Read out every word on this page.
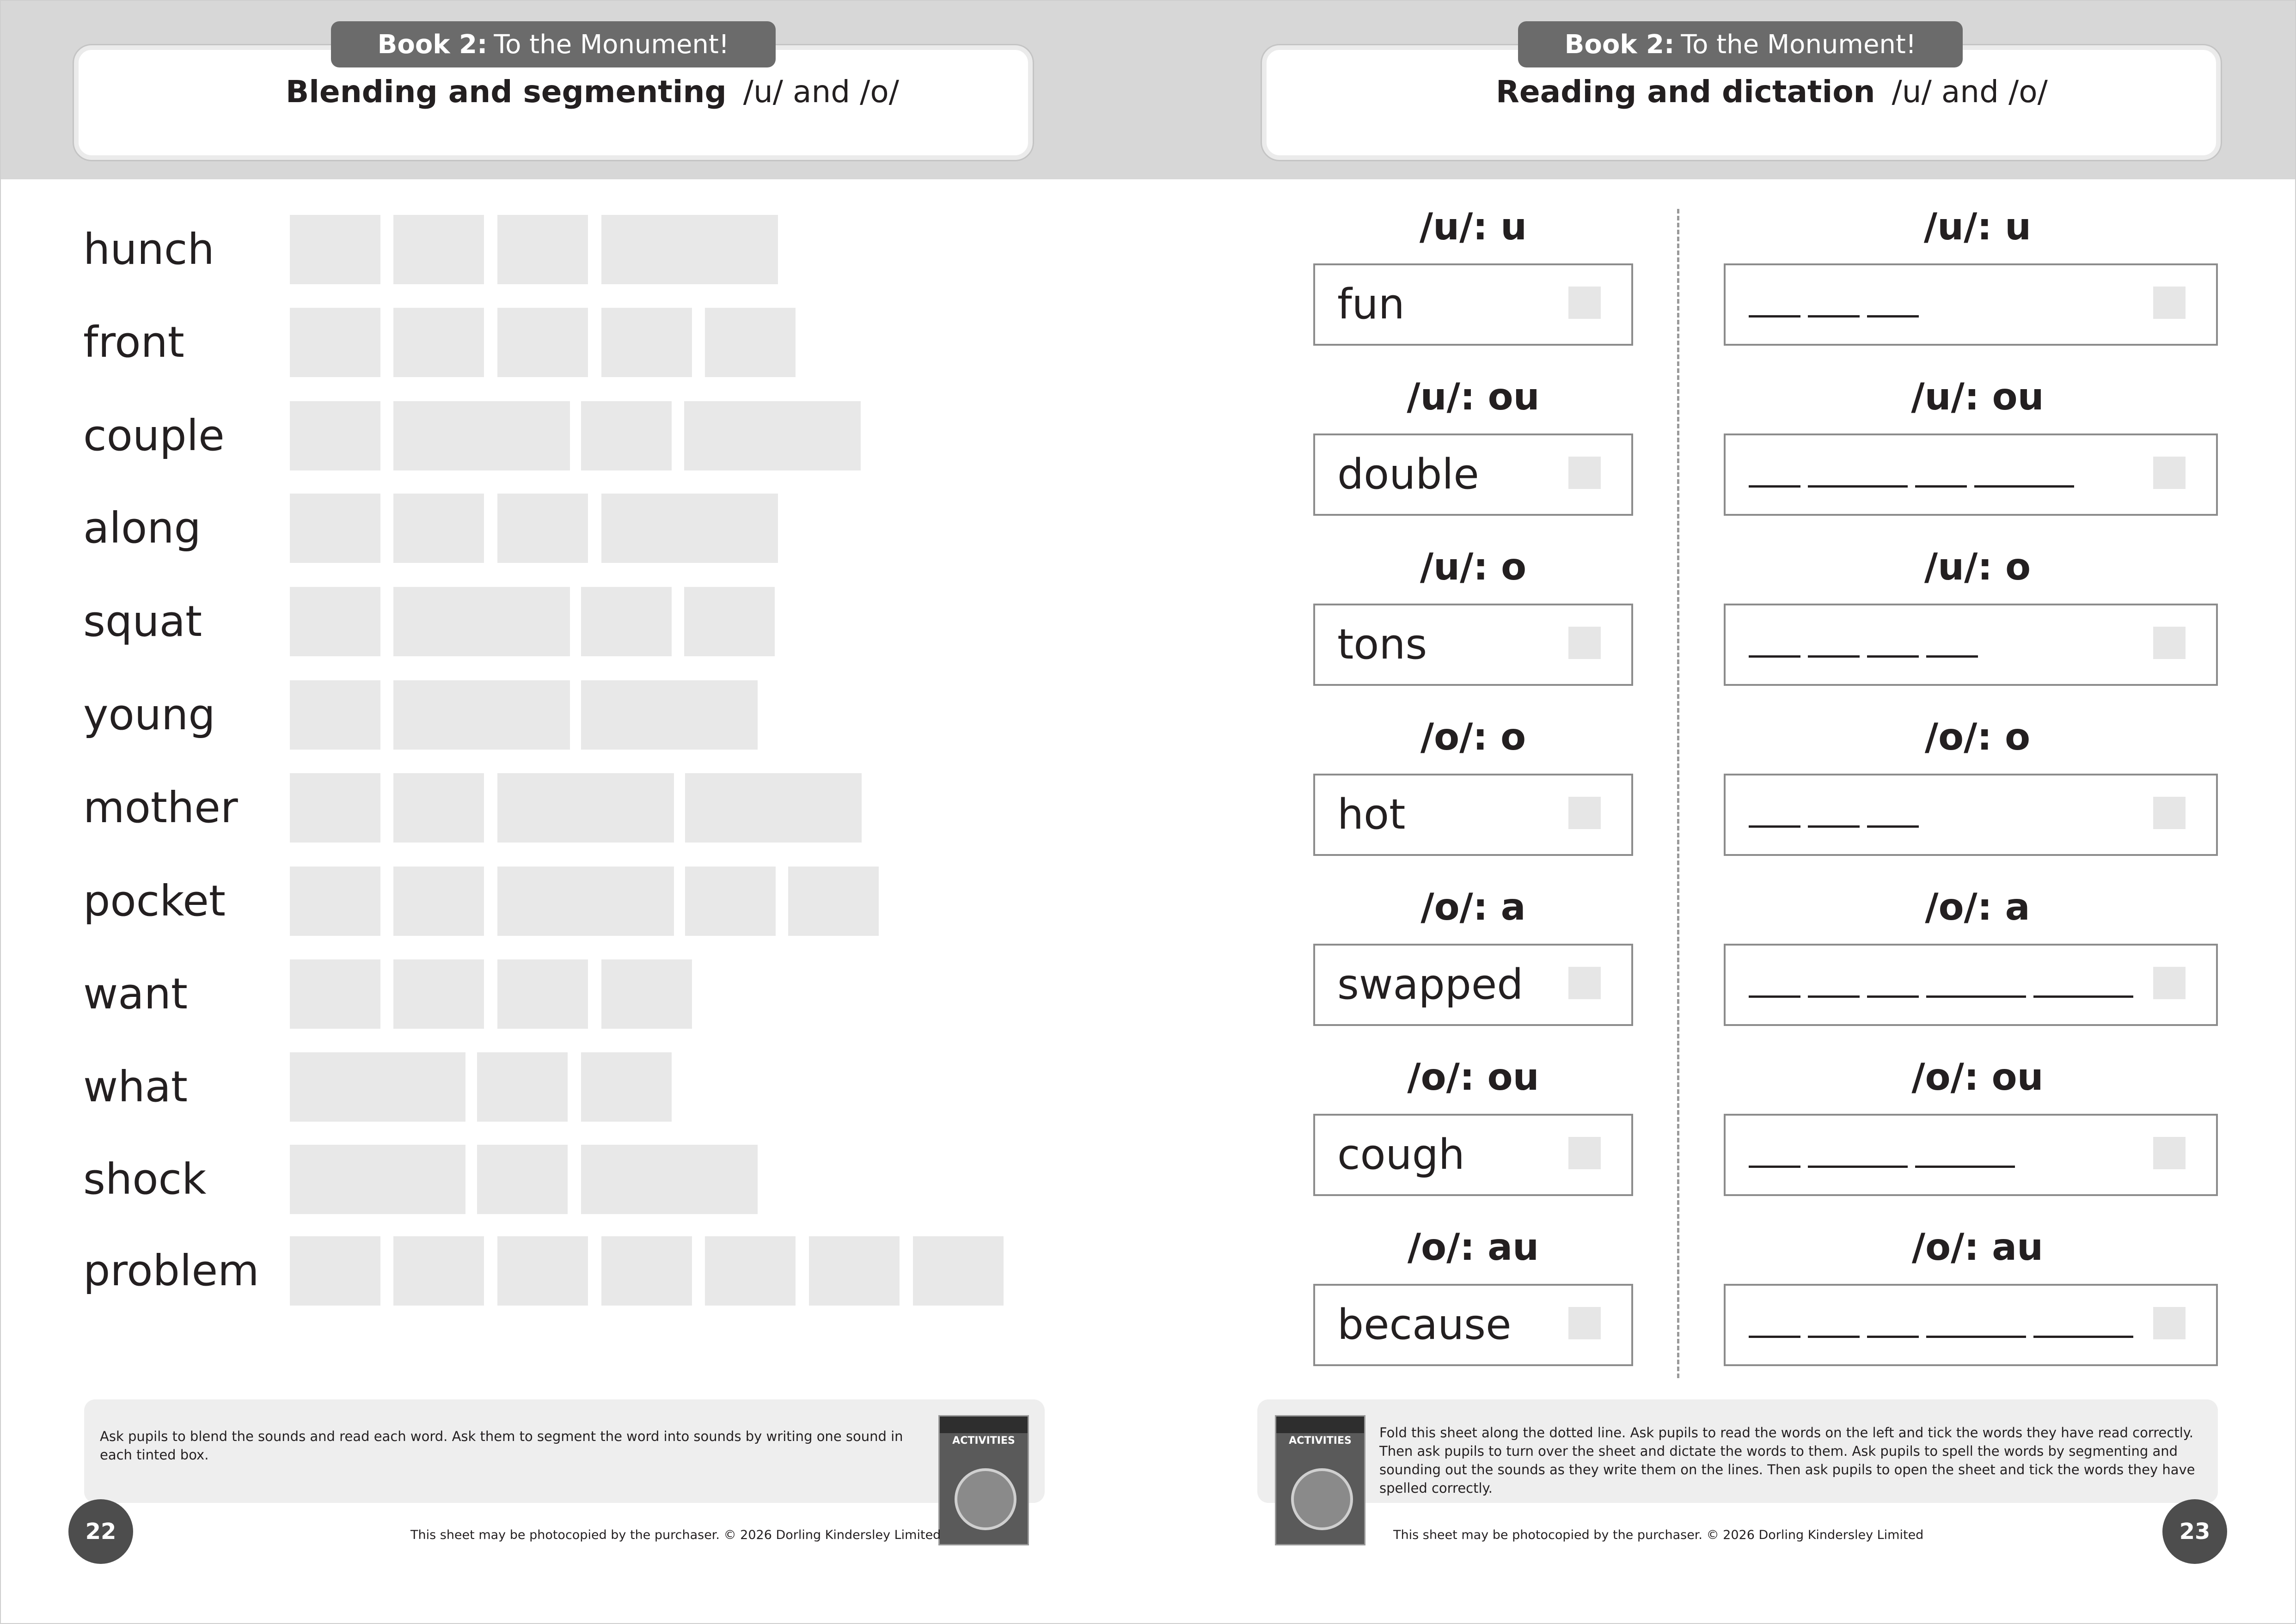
Book 2: To the Monument!
Blending and segmenting /u/ and /o/
Book 2: To the Monument!
Reading and dictation /u/ and /o/
hunch
front
couple
along
squat
young
mother
pocket
want
what
shock
problem
/u/: u	/u/: u
fun
/u/: ou	/u/: ou
double
/u/: o	/u/: o
tons
/o/: o	/o/: o
hot
/o/: a	/o/: a
swapped
/o/: ou	/o/: ou
cough
/o/: au	/o/: au
because
Ask pupils to blend the sounds and read each word. Ask them to segment the word into sounds by writing one sound in each tinted box.
ACTIVITIES
22	This sheet may be photocopied by the purchaser. © 2026 Dorling Kindersley Limited
Fold this sheet along the dotted line. Ask pupils to read the words on the left and tick the words they have read correctly. Then ask pupils to turn over the sheet and dictate the words to them. Ask pupils to spell the words by segmenting and sounding out the sounds as they write them on the lines. Then ask pupils to open the sheet and tick the words they have spelled correctly.
ACTIVITIES
23
This sheet may be photocopied by the purchaser. © 2026 Dorling Kindersley Limited
